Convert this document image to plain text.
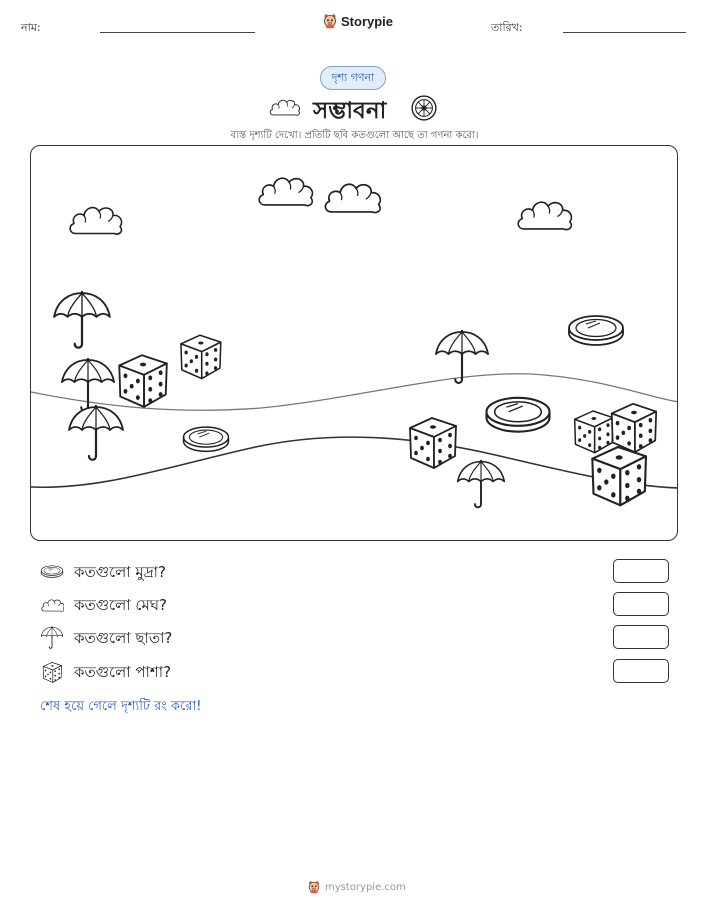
নাম:	Storypie	তারিখ:
দৃশ্য গণনা
সম্ভাবনা
ব্যস্ত দৃশ্যটি দেখো। প্রতিটি ছবি কতগুলো আছে তা গণনা করো।
কতগুলো মুদ্রা?
কতগুলো মেঘ?
কতগুলো ছাতা?
কতগুলো পাশা?
শেষ হয়ে গেলে দৃশ্যটি রং করো!
mystorypie.com
